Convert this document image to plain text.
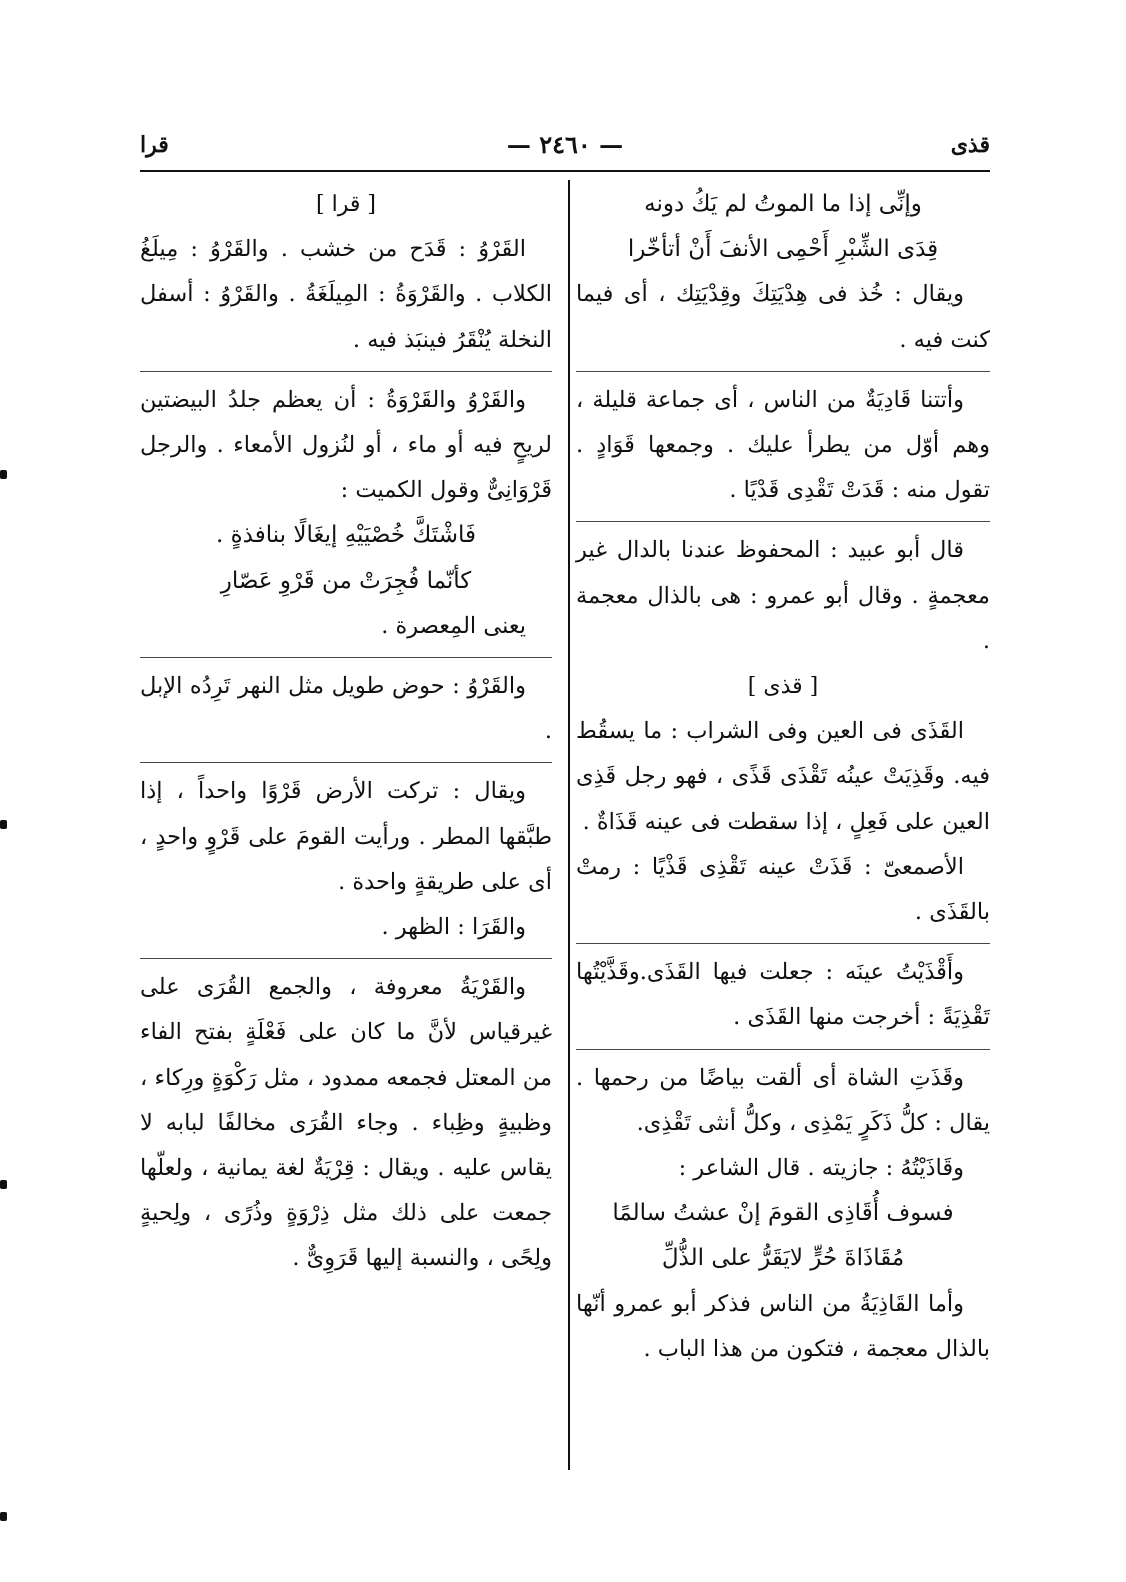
قذى
— ٢٤٦٠ —
قرا

وإنِّى إذا ما الموتُ لم يَكُ دونه

قِدَى الشِّبْرِ أَحْمِى الأنفَ أَنْ أتأخّرا

ويقال : خُذ فى هِدْيَتِكَ وقِدْيَتِك ، أى فيما كنت فيه .

وأتتنا قَادِيَةٌ من الناس ، أى جماعة قليلة ، وهم أوّل من يطرأ عليك . وجمعها قَوَادٍ . تقول منه : قَدَتْ تَقْدِى قَدْيًا .

قال أبو عبيد : المحفوظ عندنا بالدال غير معجمةٍ . وقال أبو عمرو : هى بالذال معجمة .

[ قذى ]

القَذَى فى العين وفى الشراب : ما يسقُط فيه. وقَذِيَتْ عينُه تَقْذَى قَذًى ، فهو رجل قَذِى العين على فَعِلٍ ، إذا سقطت فى عينه قَذَاةٌ .

الأصمعىّ : قَذَتْ عينه تَقْذِى قَذْيًا : رمتْ بالقَذَى .

وأَقْذَيْتُ عينَه : جعلت فيها القَذَى.وقَذَّيْتُها تَقْذِيَةً : أخرجت منها القَذَى .

وقَذَتِ الشاة أى ألقت بياضًا من رحمها . يقال : كلُّ ذَكَرٍ يَمْذِى ، وكلُّ أنثى تَقْذِى.

وقَاذَيْتُهُ : جازيته . قال الشاعر :

فسوف أُقَاذِى القومَ إنْ عشتُ سالمًا

مُقَاذَاةَ حُرٍّ لايَقَرُّ على الذُّلِّ

وأما القَاذِيَةُ من الناس فذكر أبو عمرو أنّها بالذال معجمة ، فتكون من هذا الباب .

[ قرا ]

القَرْوُ : قَدَح من خشب . والقَرْوُ : مِيلَغُ الكلاب . والقَرْوَةُ : المِيلَغَةُ . والقَرْوُ : أسفل النخلة يُنْقَرُ فينبَذ فيه .

والقَرْوُ والقَرْوَةُ : أن يعظم جلدُ البيضتين لريحٍ فيه أو ماء ، أو لنُزول الأمعاء . والرجل قَرْوَانِىٌّ وقول الكميت :

فَاشْتَكَّ خُصْيَيْهِ إيغَالًا بنافذةٍ .

كأنّما فُجِرَتْ من قَرْوِ عَصّارِ

يعنى المِعصرة .

والقَرْوُ : حوض طويل مثل النهر تَرِدُه الإبل .

ويقال : تركت الأرض قَرْوًا واحداً ، إذا طبَّقها المطر . ورأيت القومَ على قَرْوٍ واحدٍ ، أى على طريقةٍ واحدة .

والقَرَا : الظهر .

والقَرْيَةُ معروفة ، والجمع القُرَى على غيرقياس لأنَّ ما كان على فَعْلَةٍ بفتح الفاء من المعتل فجمعه ممدود ، مثل رَكْوَةٍ ورِكاء ، وظبيةٍ وظِباء . وجاء القُرَى مخالفًا لبابه لا يقاس عليه . ويقال : قِرْيَةٌ لغة يمانية ، ولعلّها جمعت على ذلك مثل ذِرْوَةٍ وذُرًى ، ولِحيةٍ ولِحًى ، والنسبة إليها قَرَوِىٌّ .
